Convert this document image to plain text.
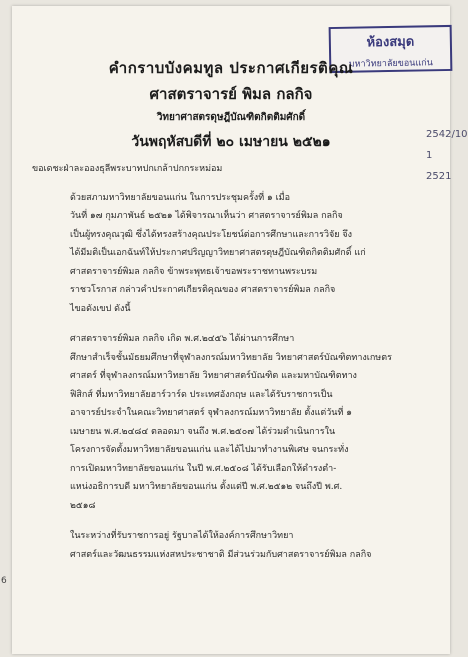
ห้องสมุด
มหาวิทยาลัยขอนแก่น
คำกราบบังคมทูล ประกาศเกียรติคุณ
ศาสตราจารย์ พิมล กลกิจ
วิทยาศาสตรดุษฎีบัณฑิตกิตติมศักดิ์
วันพฤหัสบดีที่ ๒๐ เมษายน ๒๕๒๑	2542/10
1
2521

ขอเดชะฝ่าละอองธุลีพระบาทปกเกล้าปกกระหม่อม

ด้วยสภามหาวิทยาลัยขอนแก่น ในการประชุมครั้งที่ ๑ เมื่อ
วันที่ ๑๗ กุมภาพันธ์ ๒๕๒๑ ได้พิจารณาเห็นว่า ศาสตราจารย์พิมล กลกิจ
เป็นผู้ทรงคุณวุฒิ ซึ่งได้ทรงสร้างคุณประโยชน์ต่อการศึกษาและการวิจัย จึง
ได้มีมติเป็นเอกฉันท์ให้ประกาศปริญญาวิทยาศาสตรดุษฎีบัณฑิตกิตติมศักดิ์ แก่
ศาสตราจารย์พิมล กลกิจ ข้าพระพุทธเจ้าขอพระราชทานพระบรม
ราชวโรกาส กล่าวคำประกาศเกียรติคุณของ ศาสตราจารย์พิมล กลกิจ
ไขอดังเขป ดังนี้

ศาสตราจารย์พิมล กลกิจ เกิด พ.ศ.๒๔๕๖ ได้ผ่านการศึกษา
ศึกษาสำเร็จชั้นมัธยมศึกษาที่จุฬาลงกรณ์มหาวิทยาลัย วิทยาศาสตร์บัณฑิตทางเกษตร
ศาสตร์ ที่จุฬาลงกรณ์มหาวิทยาลัย วิทยาศาสตร์บัณฑิต และมหาบัณฑิตทาง
ฟิสิกส์ ที่มหาวิทยาลัยฮาร์วาร์ด ประเทศอังกฤษ และได้รับราชการเป็น
อาจารย์ประจำในคณะวิทยาศาสตร์ จุฬาลงกรณ์มหาวิทยาลัย ตั้งแต่วันที่ ๑
เมษายน พ.ศ.๒๔๘๔ ตลอดมา จนถึง พ.ศ.๒๕๐๗ ได้ร่วมดำเนินการใน
โครงการจัดตั้งมหาวิทยาลัยขอนแก่น และได้ไปมาทำงานพิเศษ จนกระทั่ง
การเปิดมหาวิทยาลัยขอนแก่น ในปี พ.ศ.๒๕๐๘ ได้รับเลือกให้ดำรงตำ-
แหน่งอธิการบดี มหาวิทยาลัยขอนแก่น ตั้งแต่ปี พ.ศ.๒๕๑๒ จนถึงปี พ.ศ.
๒๕๑๘

ในระหว่างที่รับราชการอยู่ รัฐบาลได้ให้องค์การศึกษาวิทยา
ศาสตร์และวัฒนธรรมแห่งสหประชาชาติ มีส่วนร่วมกับศาสตราจารย์พิมล กลกิจ

6
